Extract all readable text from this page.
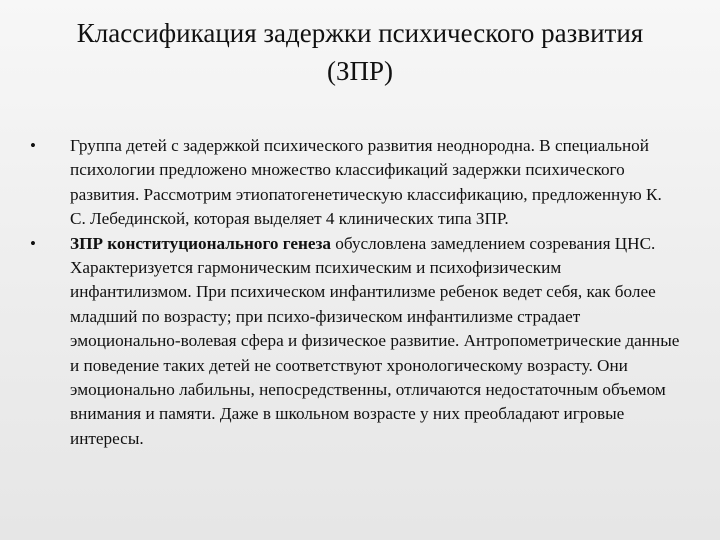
Классификация задержки психического развития
(ЗПР)
•	Группа детей с задержкой психического развития неоднородна. В специальной психологии предложено множество классификаций задержки психического развития. Рассмотрим этиопатогенетическую классификацию, предложенную К. С. Лебединской, которая выделяет 4 клинических типа ЗПР.
•	ЗПР конституционального генеза обусловлена замедлением созревания ЦНС. Характеризуется гармоническим психическим и психофизическим инфантилизмом. При психическом инфантилизме ребенок ведет себя, как более младший по возрасту; при психо-физическом инфантилизме страдает эмоционально-волевая сфера и физическое развитие. Антропометрические данные и поведение таких детей не соответствуют хронологическому возрасту. Они эмоционально лабильны, непосредственны, отличаются недостаточным объемом внимания и памяти. Даже в школьном возрасте у них преобладают игровые интересы.
